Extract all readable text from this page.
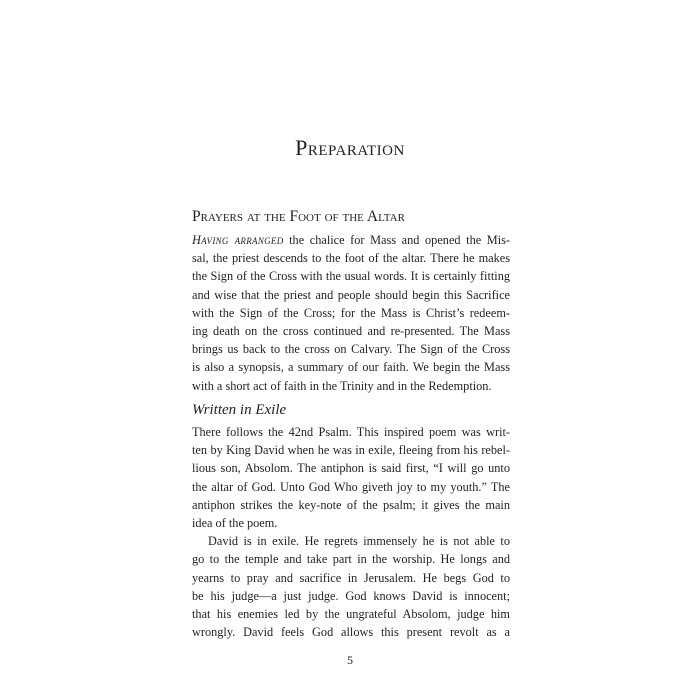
Preparation
Prayers at the Foot of the Altar

Having arranged the chalice for Mass and opened the Mis-
sal, the priest descends to the foot of the altar. There he makes
the Sign of the Cross with the usual words. It is certainly fitting
and wise that the priest and people should begin this Sacrifice
with the Sign of the Cross; for the Mass is Christ’s redeem-
ing death on the cross continued and re-presented. The Mass
brings us back to the cross on Calvary. The Sign of the Cross
is also a synopsis, a summary of our faith. We begin the Mass
with a short act of faith in the Trinity and in the Redemption.

Written in Exile

There follows the 42nd Psalm. This inspired poem was writ-
ten by King David when he was in exile, fleeing from his rebel-
lious son, Absolom. The antiphon is said first, “I will go unto
the altar of God. Unto God Who giveth joy to my youth.” The
antiphon strikes the key-note of the psalm; it gives the main
idea of the poem.

David is in exile. He regrets immensely he is not able to
go to the temple and take part in the worship. He longs and
yearns to pray and sacrifice in Jerusalem. He begs God to
be his judge—a just judge. God knows David is innocent;
that his enemies led by the ungrateful Absolom, judge him
wrongly. David feels God allows this present revolt as a

5
